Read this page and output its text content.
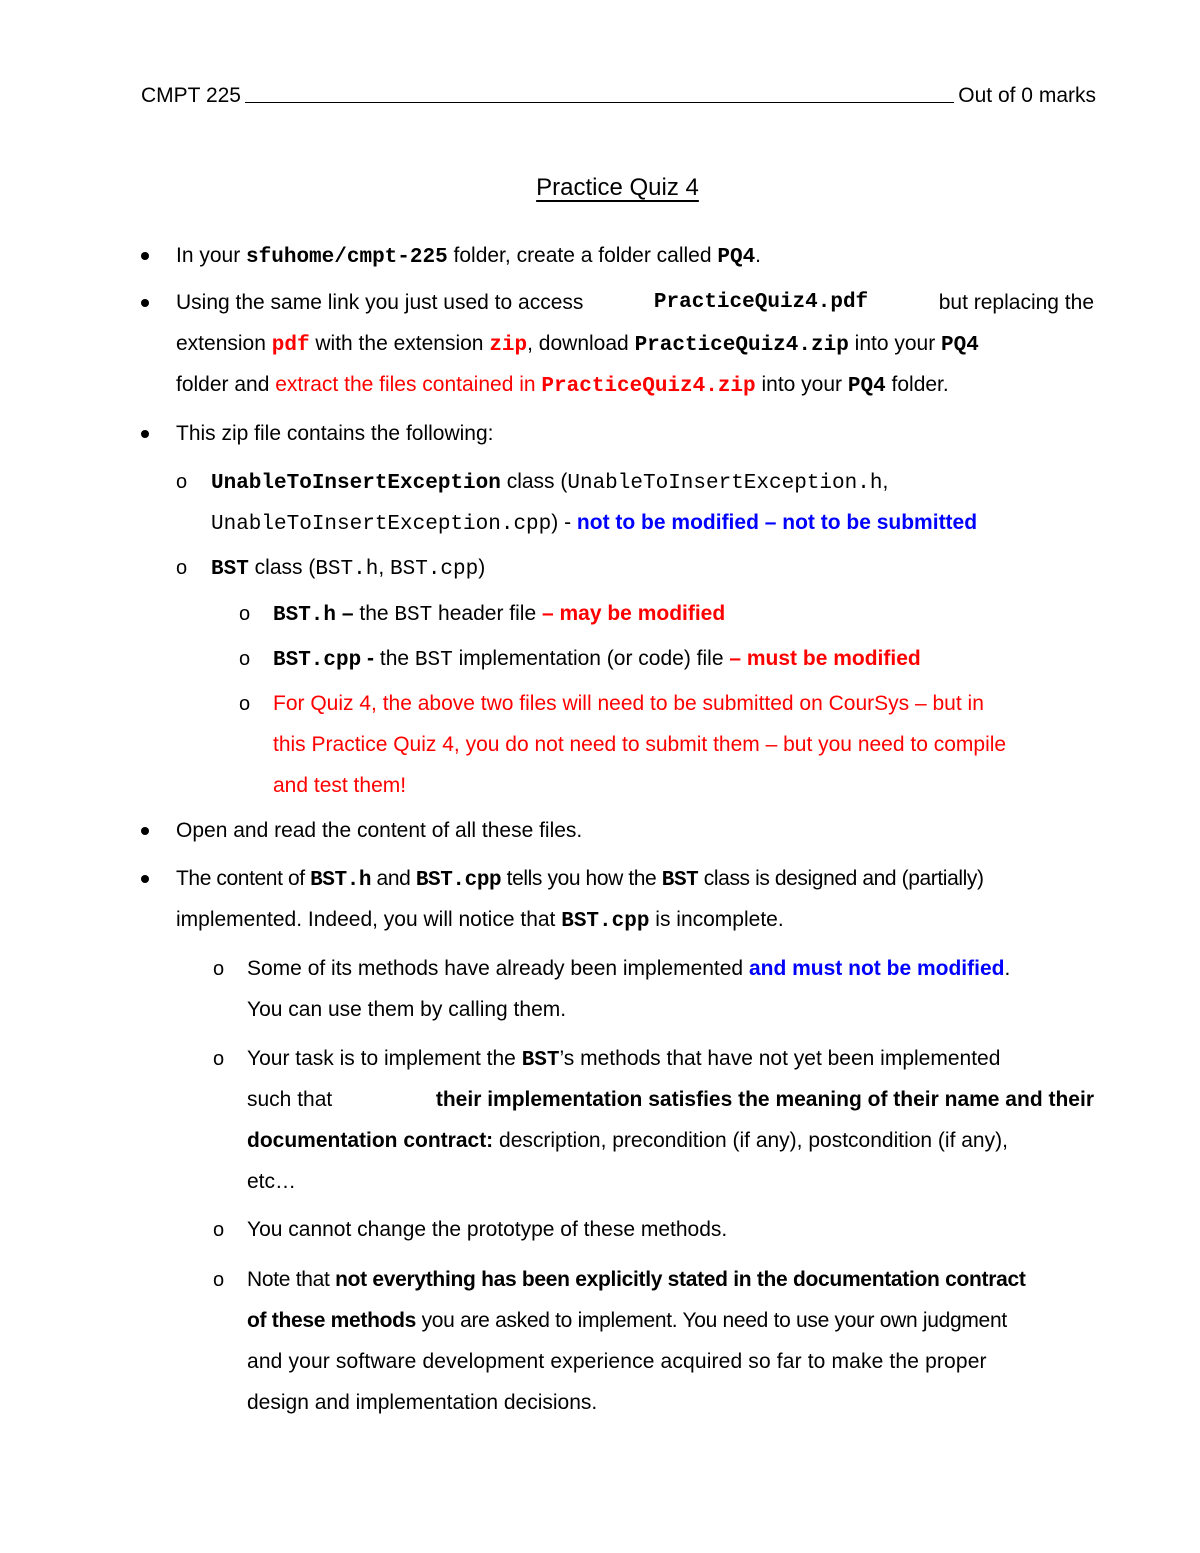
CMPT 225	Out of 0 marks
Practice Quiz 4
In your sfuhome/cmpt-225 folder, create a folder called PQ4.
Using the same link you just used to access	PracticeQuiz4.pdf	but replacing the
extension pdf with the extension zip, download PracticeQuiz4.zip into your PQ4
folder and extract the files contained in PracticeQuiz4.zip into your PQ4 folder.
This zip file contains the following:
o UnableToInsertException class (UnableToInsertException.h,
UnableToInsertException.cpp) - not to be modified – not to be submitted
o BST class (BST.h, BST.cpp)
o BST.h – the BST header file – may be modified
o BST.cpp - the BST implementation (or code) file – must be modified
o For Quiz 4, the above two files will need to be submitted on CourSys – but in
this Practice Quiz 4, you do not need to submit them – but you need to compile
and test them!
Open and read the content of all these files.
The content of BST.h and BST.cpp tells you how the BST class is designed and (partially)
implemented. Indeed, you will notice that BST.cpp is incomplete.
o Some of its methods have already been implemented and must not be modified.
You can use them by calling them.
o Your task is to implement the BST’s methods that have not yet been implemented
such that	their implementation satisfies the meaning of their name and their
documentation contract: description, precondition (if any), postcondition (if any),
etc…
o You cannot change the prototype of these methods.
o Note that not everything has been explicitly stated in the documentation contract
of these methods you are asked to implement. You need to use your own judgment
and your software development experience acquired so far to make the proper
design and implementation decisions.
